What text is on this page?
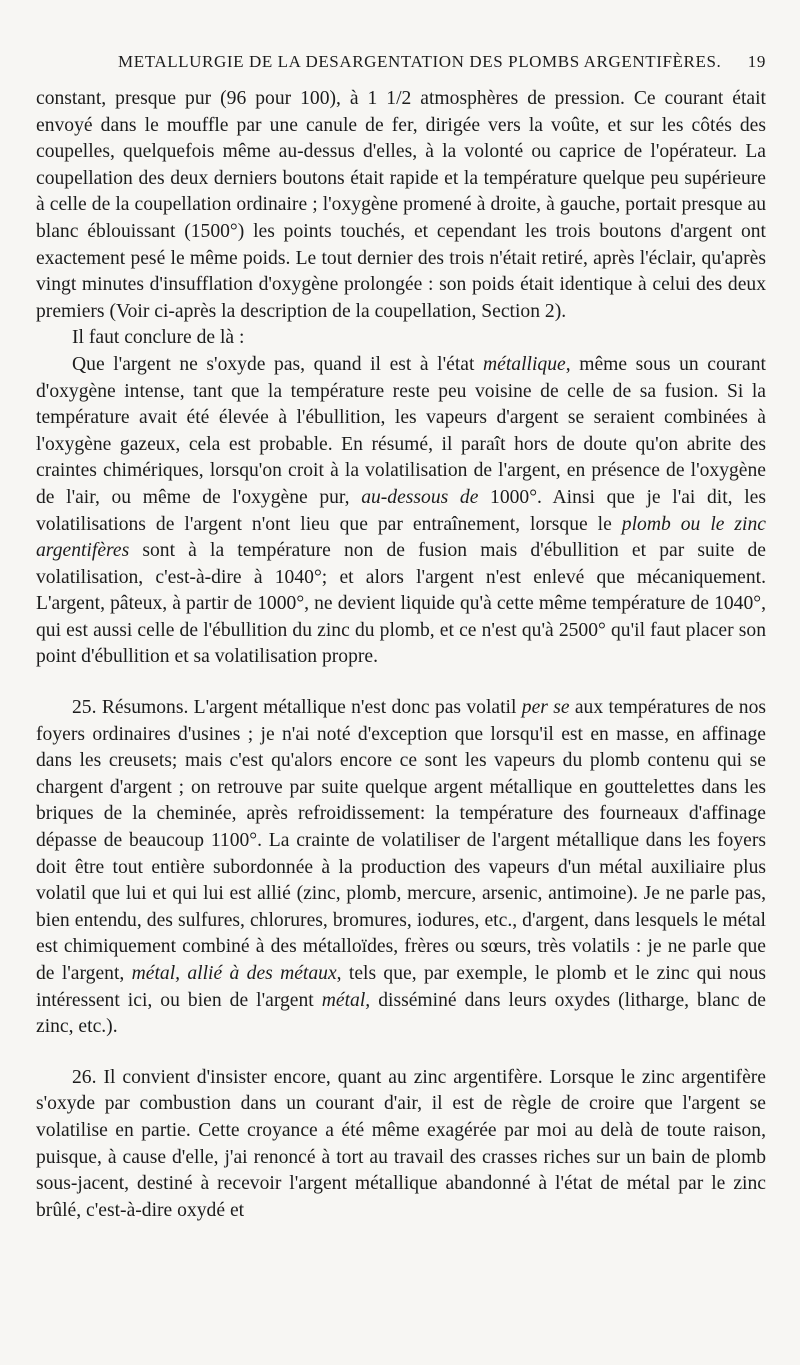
METALLURGIE DE LA DESARGENTATION DES PLOMBS ARGENTIFÈRES. 19

constant, presque pur (96 pour 100), à 1 1/2 atmosphères de pression. Ce courant était envoyé dans le mouffle par une canule de fer, dirigée vers la voûte, et sur les côtés des coupelles, quelquefois même au-dessus d'elles, à la volonté ou caprice de l'opérateur. La coupellation des deux derniers boutons était rapide et la température quelque peu supérieure à celle de la coupellation ordinaire ; l'oxygène promené à droite, à gauche, portait presque au blanc éblouissant (1500°) les points touchés, et cependant les trois boutons d'argent ont exactement pesé le même poids. Le tout dernier des trois n'était retiré, après l'éclair, qu'après vingt minutes d'insufflation d'oxygène prolongée : son poids était identique à celui des deux premiers (Voir ci-après la description de la coupellation, Section 2).

Il faut conclure de là :

Que l'argent ne s'oxyde pas, quand il est à l'état métallique, même sous un courant d'oxygène intense, tant que la température reste peu voisine de celle de sa fusion. Si la température avait été élevée à l'ébullition, les vapeurs d'argent se seraient combinées à l'oxygène gazeux, cela est probable. En résumé, il paraît hors de doute qu'on abrite des craintes chimériques, lorsqu'on croit à la volatilisation de l'argent, en présence de l'oxygène de l'air, ou même de l'oxygène pur, au-dessous de 1000°. Ainsi que je l'ai dit, les volatilisations de l'argent n'ont lieu que par entraînement, lorsque le plomb ou le zinc argentifères sont à la température non de fusion mais d'ébullition et par suite de volatilisation, c'est-à-dire à 1040°; et alors l'argent n'est enlevé que mécaniquement. L'argent, pâteux, à partir de 1000°, ne devient liquide qu'à cette même température de 1040°, qui est aussi celle de l'ébullition du zinc du plomb, et ce n'est qu'à 2500° qu'il faut placer son point d'ébullition et sa volatilisation propre.

25. Résumons. L'argent métallique n'est donc pas volatil per se aux températures de nos foyers ordinaires d'usines ; je n'ai noté d'exception que lorsqu'il est en masse, en affinage dans les creusets; mais c'est qu'alors encore ce sont les vapeurs du plomb contenu qui se chargent d'argent ; on retrouve par suite quelque argent métallique en gouttelettes dans les briques de la cheminée, après refroidissement: la température des fourneaux d'affinage dépasse de beaucoup 1100°. La crainte de volatiliser de l'argent métallique dans les foyers doit être tout entière subordonnée à la production des vapeurs d'un métal auxiliaire plus volatil que lui et qui lui est allié (zinc, plomb, mercure, arsenic, antimoine). Je ne parle pas, bien entendu, des sulfures, chlorures, bromures, iodures, etc., d'argent, dans lesquels le métal est chimiquement combiné à des métalloïdes, frères ou sœurs, très volatils : je ne parle que de l'argent, métal, allié à des métaux, tels que, par exemple, le plomb et le zinc qui nous intéressent ici, ou bien de l'argent métal, disséminé dans leurs oxydes (litharge, blanc de zinc, etc.).

26. Il convient d'insister encore, quant au zinc argentifère. Lorsque le zinc argentifère s'oxyde par combustion dans un courant d'air, il est de règle de croire que l'argent se volatilise en partie. Cette croyance a été même exagérée par moi au delà de toute raison, puisque, à cause d'elle, j'ai renoncé à tort au travail des crasses riches sur un bain de plomb sous-jacent, destiné à recevoir l'argent métallique abandonné à l'état de métal par le zinc brûlé, c'est-à-dire oxydé et
